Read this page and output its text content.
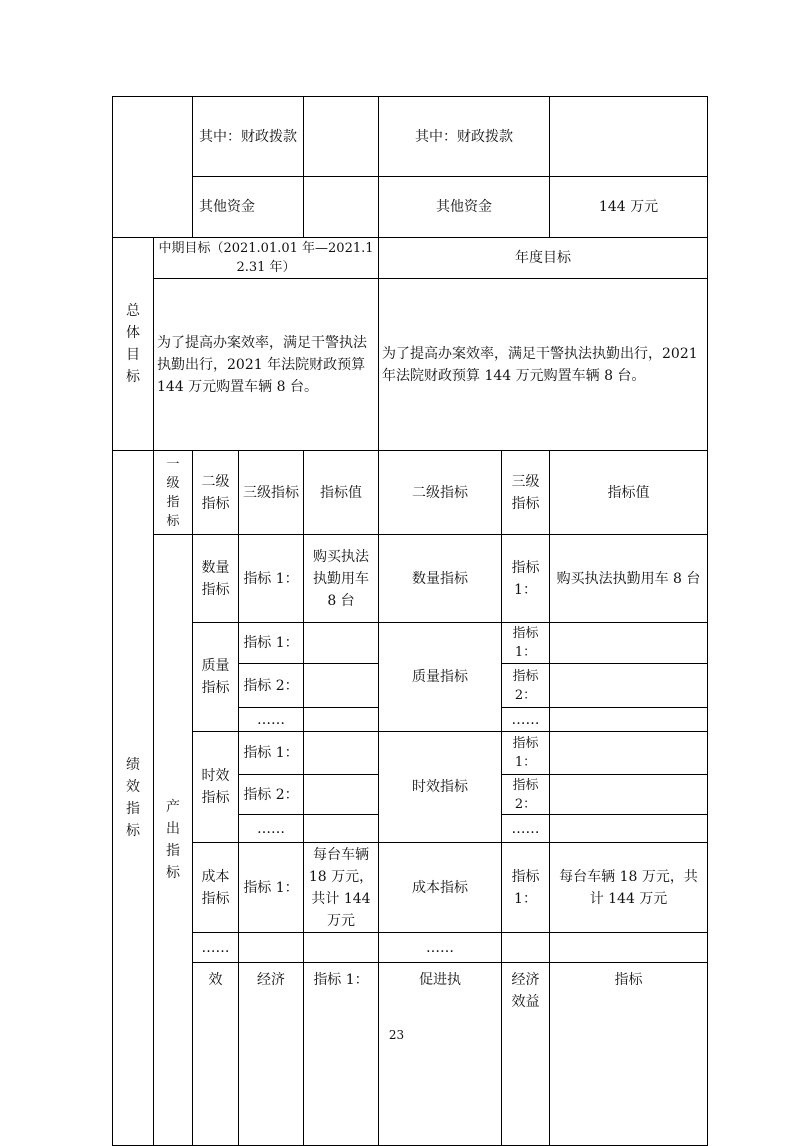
		其中：财政拨款			其中：财政拨款			
		其他资金			其他资金		144 万元	

总体目标	中期目标（2021.01.01 年—2021.12.31 年）				年度目标			
	为了提高办案效率，满足干警执法执勤出行，2021 年法院财政预算 144 万元购置车辆 8 台。				为了提高办案效率，满足干警执法执勤出行，2021 年法院财政预算 144 万元购置车辆 8 台。			

绩效指标	一级指标	二级指标	三级指标	指标值	二级指标	三级指标	指标值	

	产出指标	数量指标	指标 1：	购买执法执勤用车 8 台	数量指标	指标 1：	购买执法执勤用车 8 台	
		质量指标	指标 1：		质量指标	指标 1：		
			指标 2：			指标 2：		
			……			……		
		时效指标	指标 1：		时效指标	指标 1：		
			指标 2：			指标 2：		
			……			……		
		成本指标	指标 1：	每台车辆 18 万元，共计 144 万元	成本指标	指标 1：	每台车辆 18 万元，共计 144 万元	
		……			……			
		效	经济	指标 1：	促进执	经济效益	指标	
23
